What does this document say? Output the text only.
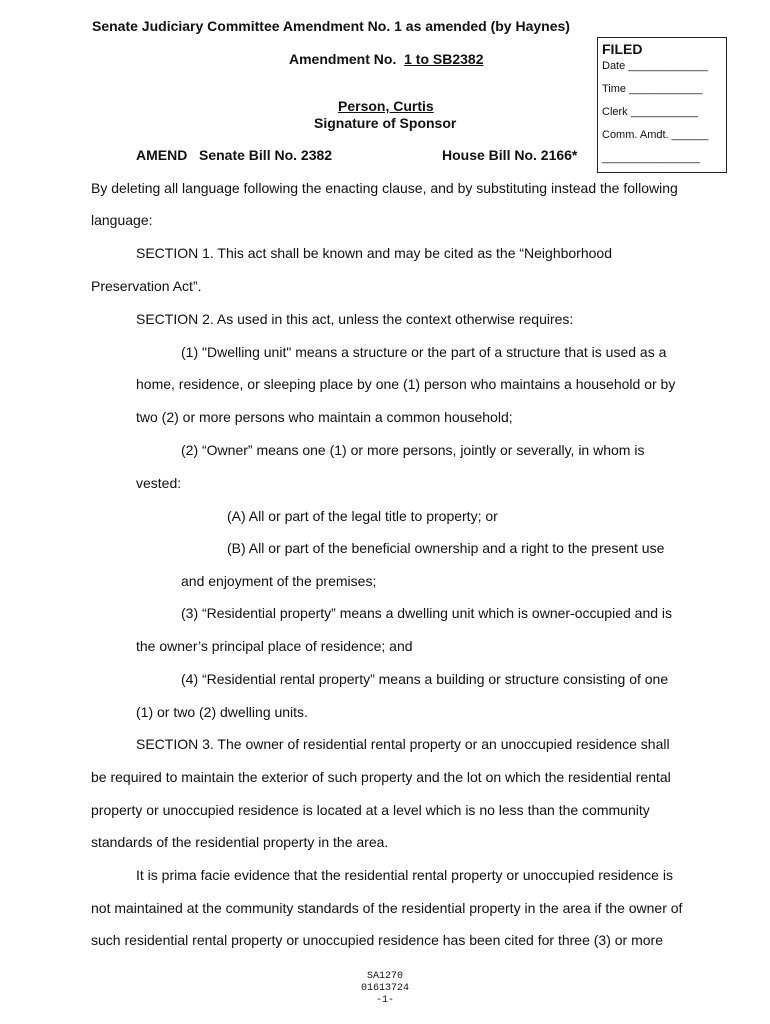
Senate Judiciary Committee Amendment No. 1 as amended (by Haynes)
Amendment No. 1 to SB2382
Person, Curtis
Signature of Sponsor
AMEND Senate Bill No. 2382	House Bill No. 2166*
FILED
Date _____________
Time ____________
Clerk ___________
Comm. Amdt. ______
________________
By deleting all language following the enacting clause, and by substituting instead the following
language:
SECTION 1. This act shall be known and may be cited as the “Neighborhood
Preservation Act”.
SECTION 2. As used in this act, unless the context otherwise requires:
(1) "Dwelling unit" means a structure or the part of a structure that is used as a
home, residence, or sleeping place by one (1) person who maintains a household or by
two (2) or more persons who maintain a common household;
(2) “Owner” means one (1) or more persons, jointly or severally, in whom is
vested:
(A) All or part of the legal title to property; or
(B) All or part of the beneficial ownership and a right to the present use
and enjoyment of the premises;
(3) “Residential property” means a dwelling unit which is owner-occupied and is
the owner’s principal place of residence; and
(4) “Residential rental property” means a building or structure consisting of one
(1) or two (2) dwelling units.
SECTION 3. The owner of residential rental property or an unoccupied residence shall
be required to maintain the exterior of such property and the lot on which the residential rental
property or unoccupied residence is located at a level which is no less than the community
standards of the residential property in the area.
It is prima facie evidence that the residential rental property or unoccupied residence is
not maintained at the community standards of the residential property in the area if the owner of
such residential rental property or unoccupied residence has been cited for three (3) or more
SA1270
01613724
-1-
